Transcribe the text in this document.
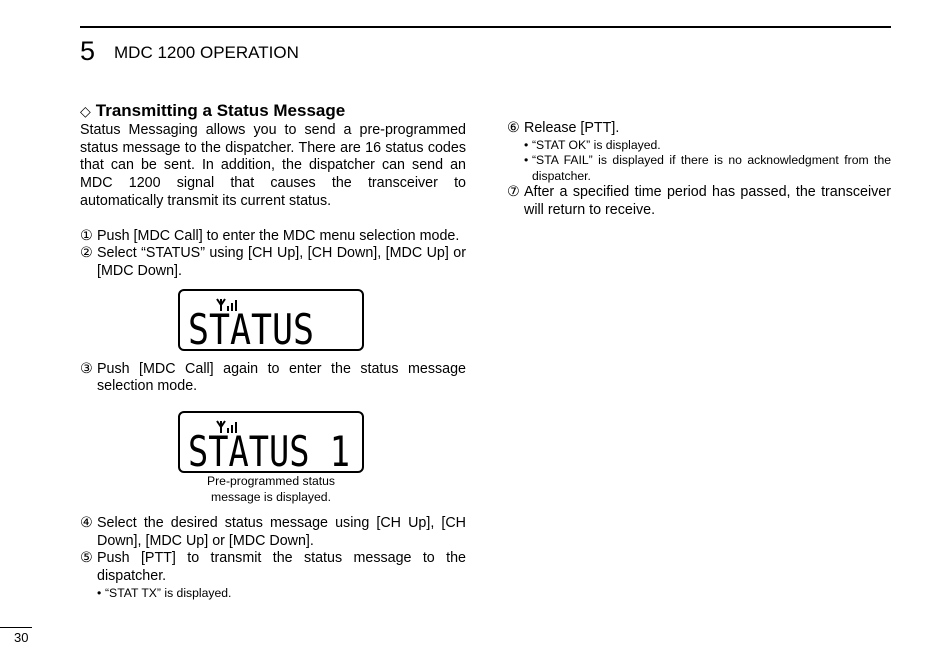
5 MDC 1200 OPERATION
◇ Transmitting a Status Message

Status Messaging allows you to send a pre-programmed status message to the dispatcher. There are 16 status codes that can be sent. In addition, the dispatcher can send an MDC 1200 signal that causes the transceiver to automatically transmit its current status.

① Push [MDC Call] to enter the MDC menu selection mode.
② Select “STATUS” using [CH Up], [CH Down], [MDC Up] or [MDC Down].
STATUS
③ Push [MDC Call] again to enter the status message selection mode.
STATUS 1
Pre-programmed status
message is displayed.
④ Select the desired status message using [CH Up], [CH Down], [MDC Up] or [MDC Down].
⑤ Push [PTT] to transmit the status message to the dispatcher.
• “STAT TX” is displayed.
⑥ Release [PTT].
• “STAT OK” is displayed.
• “STA FAIL” is displayed if there is no acknowledgment from the dispatcher.
⑦ After a specified time period has passed, the transceiver will return to receive.
30
